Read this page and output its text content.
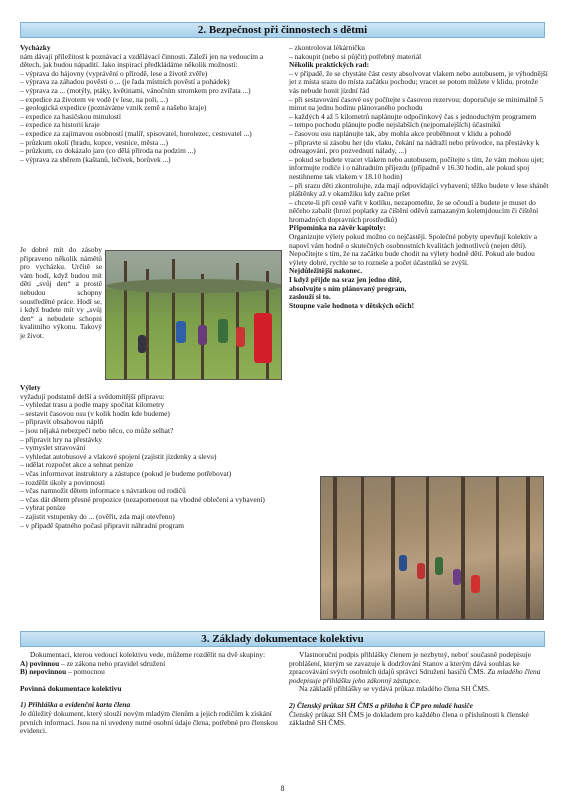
2. Bezpečnost při činnostech s dětmi

Vycházky

nám dávají příležitost k poznávací a vzdělávací činnosti. Záleží jen na vedoucím a dětech, jak budou nápadití. Jako inspiraci předkládáme několik možností:

– výprava do hájovny (vyprávění o přírodě, lese a životě zvěře)

– výprava za záhadou pověsti o ... (je řada místních pověstí a pohádek)

– výprava za ... (motýly, ptáky, květinami, vánočním stromkem pro zvířata ...)

– expedice za životem ve vodě (v lese, na poli, ...)

– geologická expedice (poznáváme vznik země a našeho kraje)

– expedice za hasičskou minulostí

– expedice za historií kraje

– expedice za zajímavou osobností (malíř, spisovatel, horolezec, cestovatel ...)

– průzkum okolí (hradu, kopce, vesnice, města ...)

– průzkum, co dokázalo jaro (co dělá příroda na podzim ...)

– výprava za sběrem (kaštanů, lečivek, borůvek ...)

Je dobré mít do zásoby připraveno několik námětů pro vycházku. Určitě se vám hodí, když budou mít děti „svůj den“ a prostě nebudou schopny soustředěné práce. Hodí se, i když budete mít vy „svůj den“ a nebudete schopni kvalitního výkonu. Takový je život.

Výlety

vyžadují podstatně delší a svědomitější přípravu:

– vyhledat trasu a podle mapy spočítat kilometry

– sestavit časovou osu (v kolik hodin kde budeme)

– připravit obsahovou náplň

– jsou nějaká nebezpečí nebo něco, co může selhat?

– připravit hry na přestávky

– vymyslet stravování

– vyhledat autobusové a vlakové spojení (zajistit jízdenky a slevu)

– udělat rozpočet akce a sehnat peníze

– včas informovat instruktory a zástupce (pokud je budeme potřebovat)

– rozdělit úkoly a povinnosti

– včas namnožit dětem informace s návratkou od rodičů

– včas dát dětem přesné propozice (nezapomenout na vhodné oblečení a vybavení)

– vybrat peníze

– zajistit vstupenky do ... (ověřit, zda mají otevřeno)

– v případě špatného počasí připravit náhradní program

– zkontrolovat lékárničku

– nakoupit (nebo si půjčit) potřebný materiál

Několik praktických rad:

– v případě, že se chystáte část cesty absolvovat vlakem nebo autobusem, je výhodnější jet z místa srazu do místa začátku pochodu; vracet se potom můžete v klidu, protože vás nebude honit jízdní řád

– při sestavování časové osy počítejte s časovou rezervou; doporučuje se minimálně 5 minut na jednu hodinu plánovaného pochodu

– každých 4 až 5 kilometrů naplánujte odpočinkový čas s jednoduchým programem

– tempo pochodu plánujte podle nejslabších (nejpomalejších) účastníků

– časovou osu naplánujte tak, aby mohla akce proběhnout v klidu a pohodě

– připravte si zásobu her (do vlaku, čekání na nádraží nebo průvodce, na přestávky k odreagování, pro pozvednutí nálady, ...)

– pokud se budete vracet vlakem nebo autobusem, počítejte s tím, že vám mohou ujet; informujte rodiče i o náhradním příjezdu (případně v 16.30 hodin, ale pokud spoj nestihneme tak vlakem v 18.10 hodin)

– při srazu děti zkontrolujte, zda mají odpovídající vybavení; těžko budete v lese shánět pláštěnky až v okamžiku kdy začne pršet

– chcete-li při cestě vařit v kotlíku, nezapomeňte, že se očoudí a budete je muset do něčeho zabalit (hrozí poplatky za čištění oděvů zamazaným kolemjdoucím či čištění hromadných dopravních prostředků)

Připomínka na závěr kapitoly:

Organizujte výlety pokud možno co nejčastěji. Společné pobyty upevňují kolektiv a napoví vám hodně o skutečných osobnostních kvalitách jednotlivců (nejen dětí). Nepočítejte s tím, že na začátku bude chodit na výlety hodně dětí. Pokud ale budou výlety dobré, rychle se to rozneše a počet účastníků se zvýší.

Nejdůležitější nakonec.

I když přijde na sraz jen jedno dítě,

absolvujte s ním plánovaný program,

zaslouží si to.

Stoupne vaše hodnota v dětských očích!

3. Základy dokumentace kolektivu

Dokumentaci, kterou vedoucí kolektivu vede, můžeme rozdělit na dvě skupiny:

A) povinnou – ze zákona nebo pravidel sdružení

B) nepovinnou – pomocnou

Povinná dokumentace kolektivu

1) Přihláška a evidenční karta člena

Je důležitý dokument, který slouží novým mladým členům a jejich rodičům k získání prvních informací. Jsou na ní uvedeny nutné osobní údaje člena, potřebné pro členskou evidenci.

Vlastnoruční podpis přihlášky členem je nezbytný, neboť současně podepisuje prohlášení, kterým se zavazuje k dodržování Stanov a kterým dává souhlas ke zpracovávání svých osobních údajů správci Sdružení hasičů ČMS. Za mladého člena podepisuje přihlášku jeho zákonný zástupce.

Na základě přihlášky se vydává průkaz mladého člena SH ČMS.

2) Členský průkaz SH ČMS a příloha k ČP pro mladé hasiče

Členský průkaz SH ČMS je dokladem pro každého člena o příslušnosti k členské základně SH ČMS.

8
